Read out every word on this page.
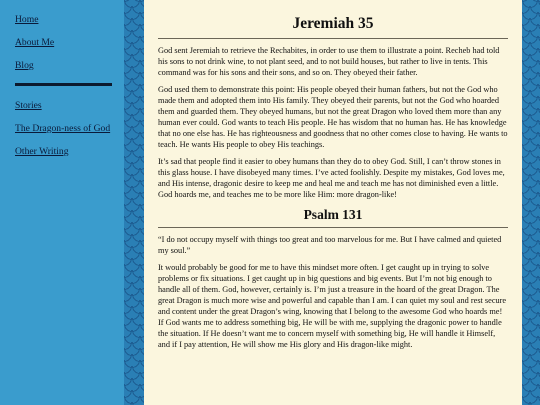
Home
About Me
Blog
Stories
The Dragon-ness of God
Other Writing
Jeremiah 35

God sent Jeremiah to retrieve the Rechabites, in order to use them to illustrate a point. Recheb had told his sons to not drink wine, to not plant seed, and to not build houses, but rather to live in tents. This command was for his sons and their sons, and so on. They obeyed their father.

God used them to demonstrate this point: His people obeyed their human fathers, but not the God who made them and adopted them into His family. They obeyed their parents, but not the God who hoarded them and guarded them. They obeyed humans, but not the great Dragon who loved them more than any human ever could. God wants to teach His people. He has wisdom that no human has. He has knowledge that no one else has. He has righteousness and goodness that no other comes close to having. He wants to teach. He wants His people to obey His teachings.

It’s sad that people find it easier to obey humans than they do to obey God. Still, I can’t throw stones in this glass house. I have disobeyed many times. I’ve acted foolishly. Despite my mistakes, God loves me, and His intense, dragonic desire to keep me and heal me and teach me has not diminished even a little. God hoards me, and teaches me to be more like Him: more dragon-like!

Psalm 131

“I do not occupy myself with things too great and too marvelous for me. But I have calmed and quieted my soul.”

It would probably be good for me to have this mindset more often. I get caught up in trying to solve problems or fix situations. I get caught up in big questions and big events. But I’m not big enough to handle all of them. God, however, certainly is. I’m just a treasure in the hoard of the great Dragon. The great Dragon is much more wise and powerful and capable than I am. I can quiet my soul and rest secure and content under the great Dragon’s wing, knowing that I belong to the awesome God who hoards me! If God wants me to address something big, He will be with me, supplying the dragonic power to handle the situation. If He doesn’t want me to concern myself with something big, He will handle it Himself, and if I pay attention, He will show me His glory and His dragon-like might.
